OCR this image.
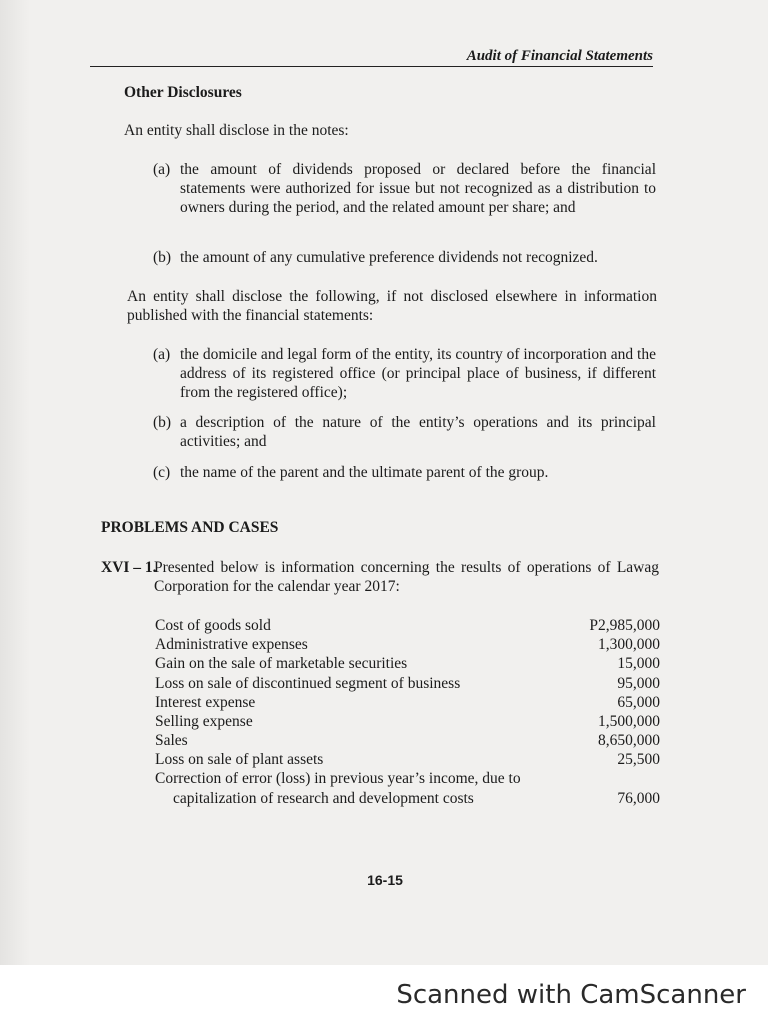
Audit of Financial Statements
Other Disclosures
An entity shall disclose in the notes:
(a) the amount of dividends proposed or declared before the financial statements were authorized for issue but not recognized as a distribution to owners during the period, and the related amount per share; and
(b) the amount of any cumulative preference dividends not recognized.
An entity shall disclose the following, if not disclosed elsewhere in information published with the financial statements:
(a) the domicile and legal form of the entity, its country of incorporation and the address of its registered office (or principal place of business, if different from the registered office);
(b) a description of the nature of the entity’s operations and its principal activities; and
(c) the name of the parent and the ultimate parent of the group.
PROBLEMS AND CASES
XVI – 1.
Presented below is information concerning the results of operations of Lawag Corporation for the calendar year 2017:
Cost of goods sold	P2,985,000
Administrative expenses	1,300,000
Gain on the sale of marketable securities	15,000
Loss on sale of discontinued segment of business	95,000
Interest expense	65,000
Selling expense	1,500,000
Sales	8,650,000
Loss on sale of plant assets	25,500
Correction of error (loss) in previous year’s income, due to
capitalization of research and development costs	76,000
16-15
Scanned with CamScanner
